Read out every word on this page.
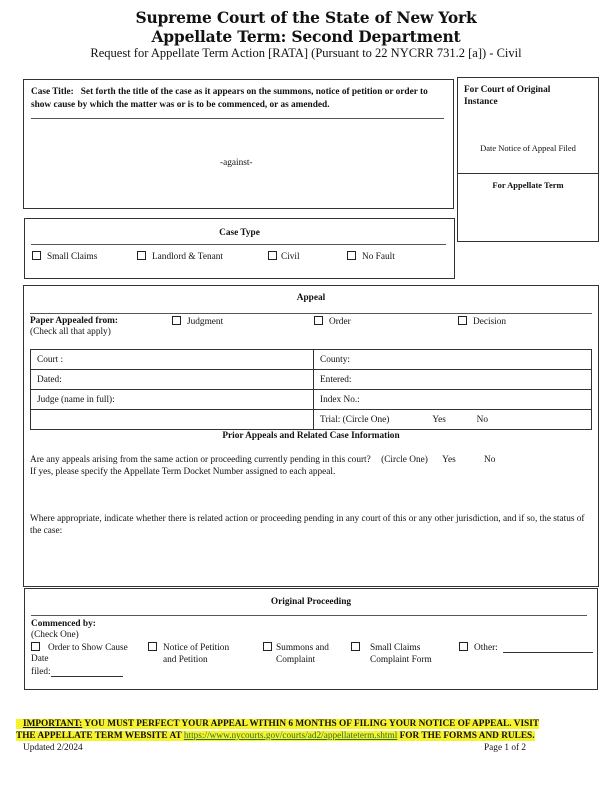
Supreme Court of the State of New York
Appellate Term: Second Department
Request for Appellate Term Action [RATA] (Pursuant to 22 NYCRR 731.2 [a]) - Civil
Case Title: Set forth the title of the case as it appears on the summons, notice of petition or order to show cause by which the matter was or is to be commenced, or as amended.
-against-
For Court of Original Instance
Date Notice of Appeal Filed
For Appellate Term
Case Type
Small Claims	Landlord & Tenant	Civil	No Fault
Appeal
Paper Appealed from:
(Check all that apply)
Judgment	Order	Decision
Court :	County:
Dated:	Entered:
Judge (name in full):	Index No.:
	Trial: (Circle One) Yes No
Prior Appeals and Related Case Information
Are any appeals arising from the same action or proceeding currently pending in this court? (Circle One) Yes	No
If yes, please specify the Appellate Term Docket Number assigned to each appeal.
Where appropriate, indicate whether there is related action or proceeding pending in any court of this or any other jurisdiction, and if so, the status of the case:
Original Proceeding
Commenced by:
(Check One)
Order to Show Cause
Date
filed:
Notice of Petition
and Petition
Summons and
Complaint
Small Claims
Complaint Form
Other:
IMPORTANT: YOU MUST PERFECT YOUR APPEAL WITHIN 6 MONTHS OF FILING YOUR NOTICE OF APPEAL. VISIT
THE APPELLATE TERM WEBSITE AT https://www.nycourts.gov/courts/ad2/appellateterm.shtml FOR THE FORMS AND RULES.
Updated 2/2024	Page 1 of 2
